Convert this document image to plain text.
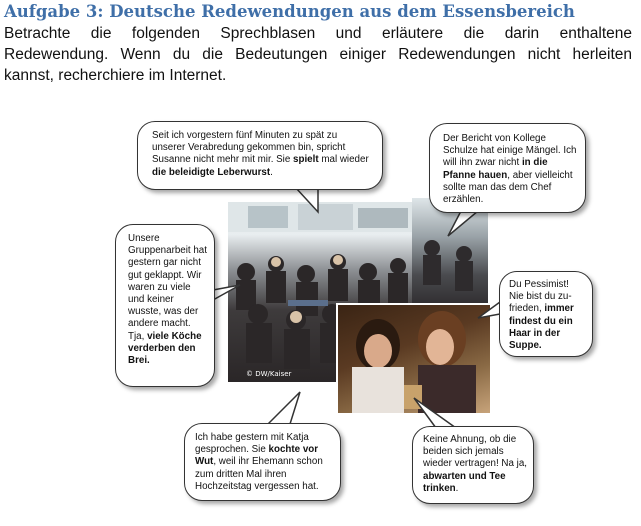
Aufgabe 3: Deutsche Redewendungen aus dem Essensbereich
Betrachte die folgenden Sprechblasen und erläutere die darin enthaltene
Redewendung. Wenn du die Bedeutungen einiger Redewendungen nicht herleiten
kannst, recherchiere im Internet.
© DW/Kaiser
Seit ich vorgestern fünf Minuten zu spät zu unserer Verabredung gekommen bin, spricht Susanne nicht mehr mit mir. Sie spielt mal wieder die beleidigte Leberwurst.
Der Bericht von Kollege Schulze hat einige Mängel. Ich will ihn zwar nicht in die Pfanne hauen, aber vielleicht sollte man das dem Chef erzählen.
Unsere Gruppenarbeit hat gestern gar nicht gut geklappt. Wir waren zu viele und keiner wusste, was der andere macht. Tja, viele Köche verderben den Brei.
Du Pessimist! Nie bist du zu-frieden, immer findest du ein Haar in der Suppe.
Ich habe gestern mit Katja gesprochen. Sie kochte vor Wut, weil ihr Ehemann schon zum dritten Mal ihren Hochzeitstag vergessen hat.
Keine Ahnung, ob die beiden sich jemals wieder vertragen! Na ja, abwarten und Tee trinken.
